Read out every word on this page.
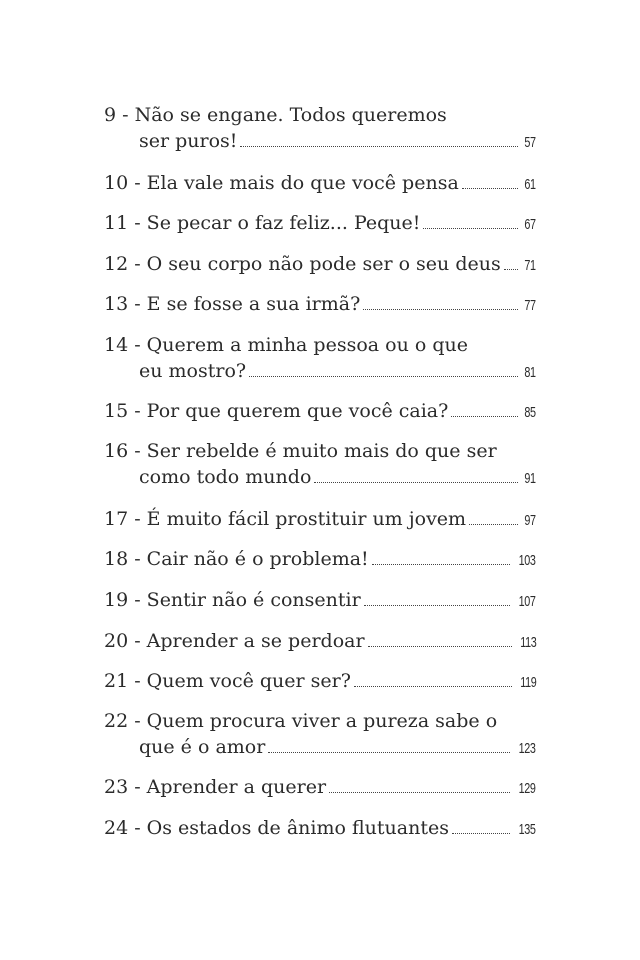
9 - Não se engane. Todos queremos
ser puros!	57
10 - Ela vale mais do que você pensa	61
11 - Se pecar o faz feliz... Peque!	67
12 - O seu corpo não pode ser o seu deus 71
13 - E se fosse a sua irmã?	77
14 - Querem a minha pessoa ou o que
eu mostro?	81
15 - Por que querem que você caia?	85
16 - Ser rebelde é muito mais do que ser
como todo mundo	91
17 - É muito fácil prostituir um jovem	97
18 - Cair não é o problema!	103
19 - Sentir não é consentir	107
20 - Aprender a se perdoar	113
21 - Quem você quer ser?	119
22 - Quem procura viver a pureza sabe o
que é o amor	123
23 - Aprender a querer	129
24 - Os estados de ânimo flutuantes	135
